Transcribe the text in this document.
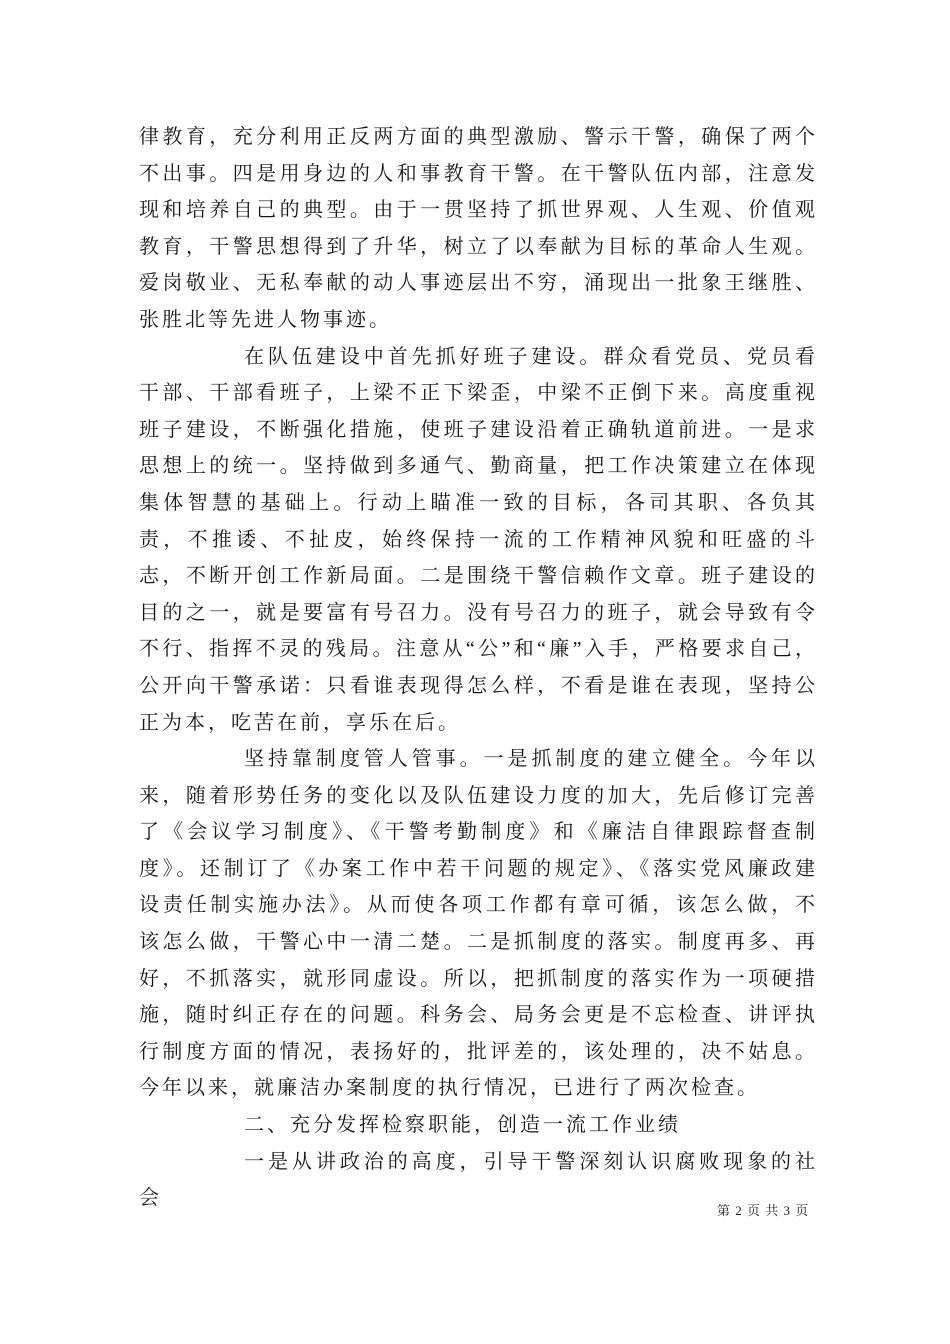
律教育，充分利用正反两方面的典型激励、警示干警，确保了两个不出事。四是用身边的人和事教育干警。在干警队伍内部，注意发现和培养自己的典型。由于一贯坚持了抓世界观、人生观、价值观教育，干警思想得到了升华，树立了以奉献为目标的革命人生观。爱岗敬业、无私奉献的动人事迹层出不穷，涌现出一批象王继胜、张胜北等先进人物事迹。

在队伍建设中首先抓好班子建设。群众看党员、党员看干部、干部看班子，上梁不正下梁歪，中梁不正倒下来。高度重视班子建设，不断强化措施，使班子建设沿着正确轨道前进。一是求思想上的统一。坚持做到多通气、勤商量，把工作决策建立在体现集体智慧的基础上。行动上瞄准一致的目标，各司其职、各负其责，不推诿、不扯皮，始终保持一流的工作精神风貌和旺盛的斗志，不断开创工作新局面。二是围绕干警信赖作文章。班子建设的目的之一，就是要富有号召力。没有号召力的班子，就会导致有令不行、指挥不灵的残局。注意从“公”和“廉”入手，严格要求自己，公开向干警承诺：只看谁表现得怎么样，不看是谁在表现，坚持公正为本，吃苦在前，享乐在后。

坚持靠制度管人管事。一是抓制度的建立健全。今年以来，随着形势任务的变化以及队伍建设力度的加大，先后修订完善了《会议学习制度》、《干警考勤制度》和《廉洁自律跟踪督查制度》。还制订了《办案工作中若干问题的规定》、《落实党风廉政建设责任制实施办法》。从而使各项工作都有章可循，该怎么做，不该怎么做，干警心中一清二楚。二是抓制度的落实。制度再多、再好，不抓落实，就形同虚设。所以，把抓制度的落实作为一项硬措施，随时纠正存在的问题。科务会、局务会更是不忘检查、讲评执行制度方面的情况，表扬好的，批评差的，该处理的，决不姑息。今年以来，就廉洁办案制度的执行情况，已进行了两次检查。

二、充分发挥检察职能，创造一流工作业绩

一是从讲政治的高度，引导干警深刻认识腐败现象的社会

第 2 页 共 3 页
